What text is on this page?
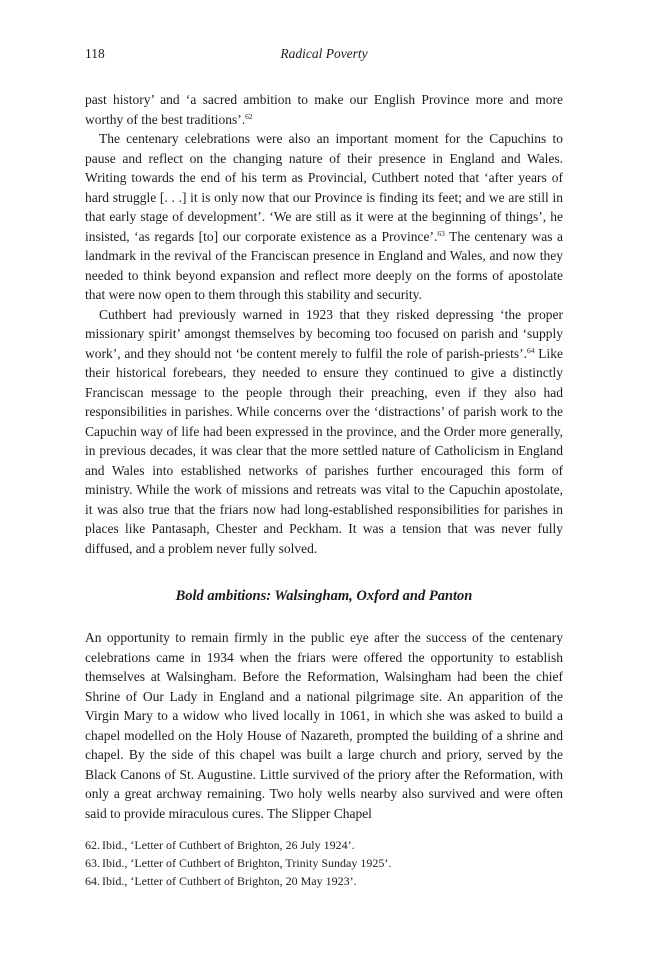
118	Radical Poverty

past history’ and ‘a sacred ambition to make our English Province more and more worthy of the best traditions’.$^{62}$

The centenary celebrations were also an important moment for the Capuchins to pause and reflect on the changing nature of their presence in England and Wales. Writing towards the end of his term as Provincial, Cuthbert noted that ‘after years of hard struggle [. . .] it is only now that our Province is finding its feet; and we are still in that early stage of development’. ‘We are still as it were at the beginning of things’, he insisted, ‘as regards [to] our corporate existence as a Province’.$^{63}$ The centenary was a landmark in the revival of the Franciscan presence in England and Wales, and now they needed to think beyond expansion and reflect more deeply on the forms of apostolate that were now open to them through this stability and security.

Cuthbert had previously warned in 1923 that they risked depressing ‘the proper missionary spirit’ amongst themselves by becoming too focused on parish and ‘supply work’, and they should not ‘be content merely to fulfil the role of parish-priests’.$^{64}$ Like their historical forebears, they needed to ensure they continued to give a distinctly Franciscan message to the people through their preaching, even if they also had responsibilities in parishes. While concerns over the ‘distractions’ of parish work to the Capuchin way of life had been expressed in the province, and the Order more generally, in previous decades, it was clear that the more settled nature of Catholicism in England and Wales into established networks of parishes further encouraged this form of ministry. While the work of missions and retreats was vital to the Capuchin apostolate, it was also true that the friars now had long-established responsibilities for parishes in places like Pantasaph, Chester and Peckham. It was a tension that was never fully diffused, and a problem never fully solved.

Bold ambitions: Walsingham, Oxford and Panton

An opportunity to remain firmly in the public eye after the success of the centenary celebrations came in 1934 when the friars were offered the opportunity to establish themselves at Walsingham. Before the Reformation, Walsingham had been the chief Shrine of Our Lady in England and a national pilgrimage site. An apparition of the Virgin Mary to a widow who lived locally in 1061, in which she was asked to build a chapel modelled on the Holy House of Nazareth, prompted the building of a shrine and chapel. By the side of this chapel was built a large church and priory, served by the Black Canons of St. Augustine. Little survived of the priory after the Reformation, with only a great archway remaining. Two holy wells nearby also survived and were often said to provide miraculous cures. The Slipper Chapel

62. Ibid., ‘Letter of Cuthbert of Brighton, 26 July 1924’.
63. Ibid., ‘Letter of Cuthbert of Brighton, Trinity Sunday 1925’.
64. Ibid., ‘Letter of Cuthbert of Brighton, 20 May 1923’.
